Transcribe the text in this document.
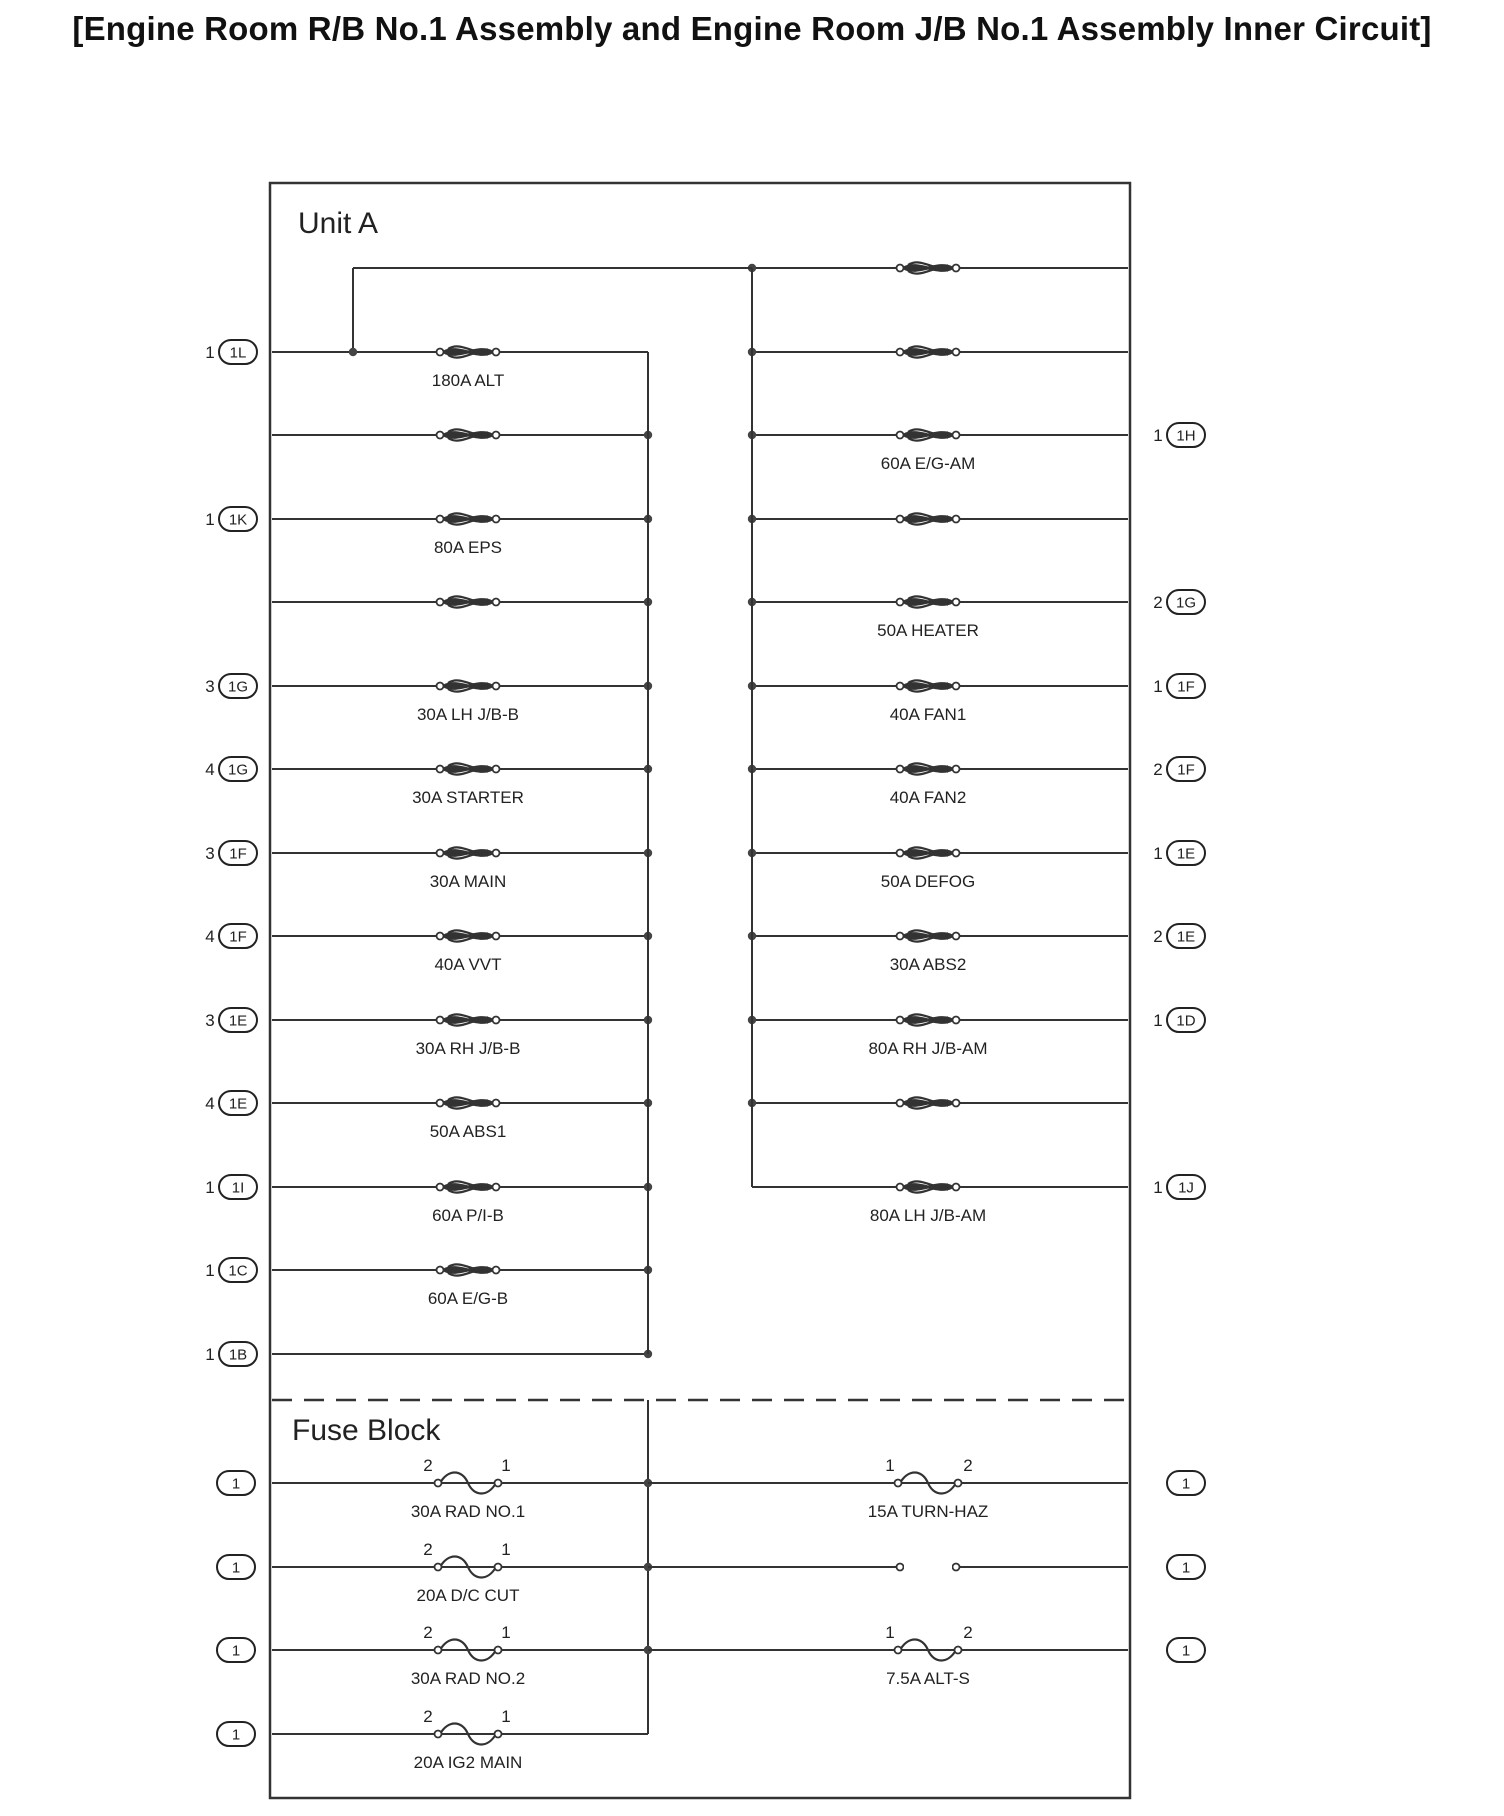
[Engine Room R/B No.1 Assembly and Engine Room J/B No.1 Assembly Inner Circuit]
Unit A
Fuse Block
180A ALT
80A EPS
30A LH J/B-B
30A STARTER
30A MAIN
40A VVT
30A RH J/B-B
50A ABS1
60A P/I-B
60A E/G-B
60A E/G-AM
50A HEATER
40A FAN1
40A FAN2
50A DEFOG
30A ABS2
80A RH J/B-AM
80A LH J/B-AM
30A RAD NO.1
2	1
20A D/C CUT
2	1
30A RAD NO.2
2	1
20A IG2 MAIN
2	1
15A TURN-HAZ
1	2
7.5A ALT-S
1	2
1 1L
1 1K
3 1G
4 1G
3 1F
4 1F
3 1E
4 1E
1 1I
1 1C
1 1B
1 1H
2 1G
1 1F
2 1F
1 1E
2 1E
1 1D
1 1J
1
1
1
1
1
1
1
